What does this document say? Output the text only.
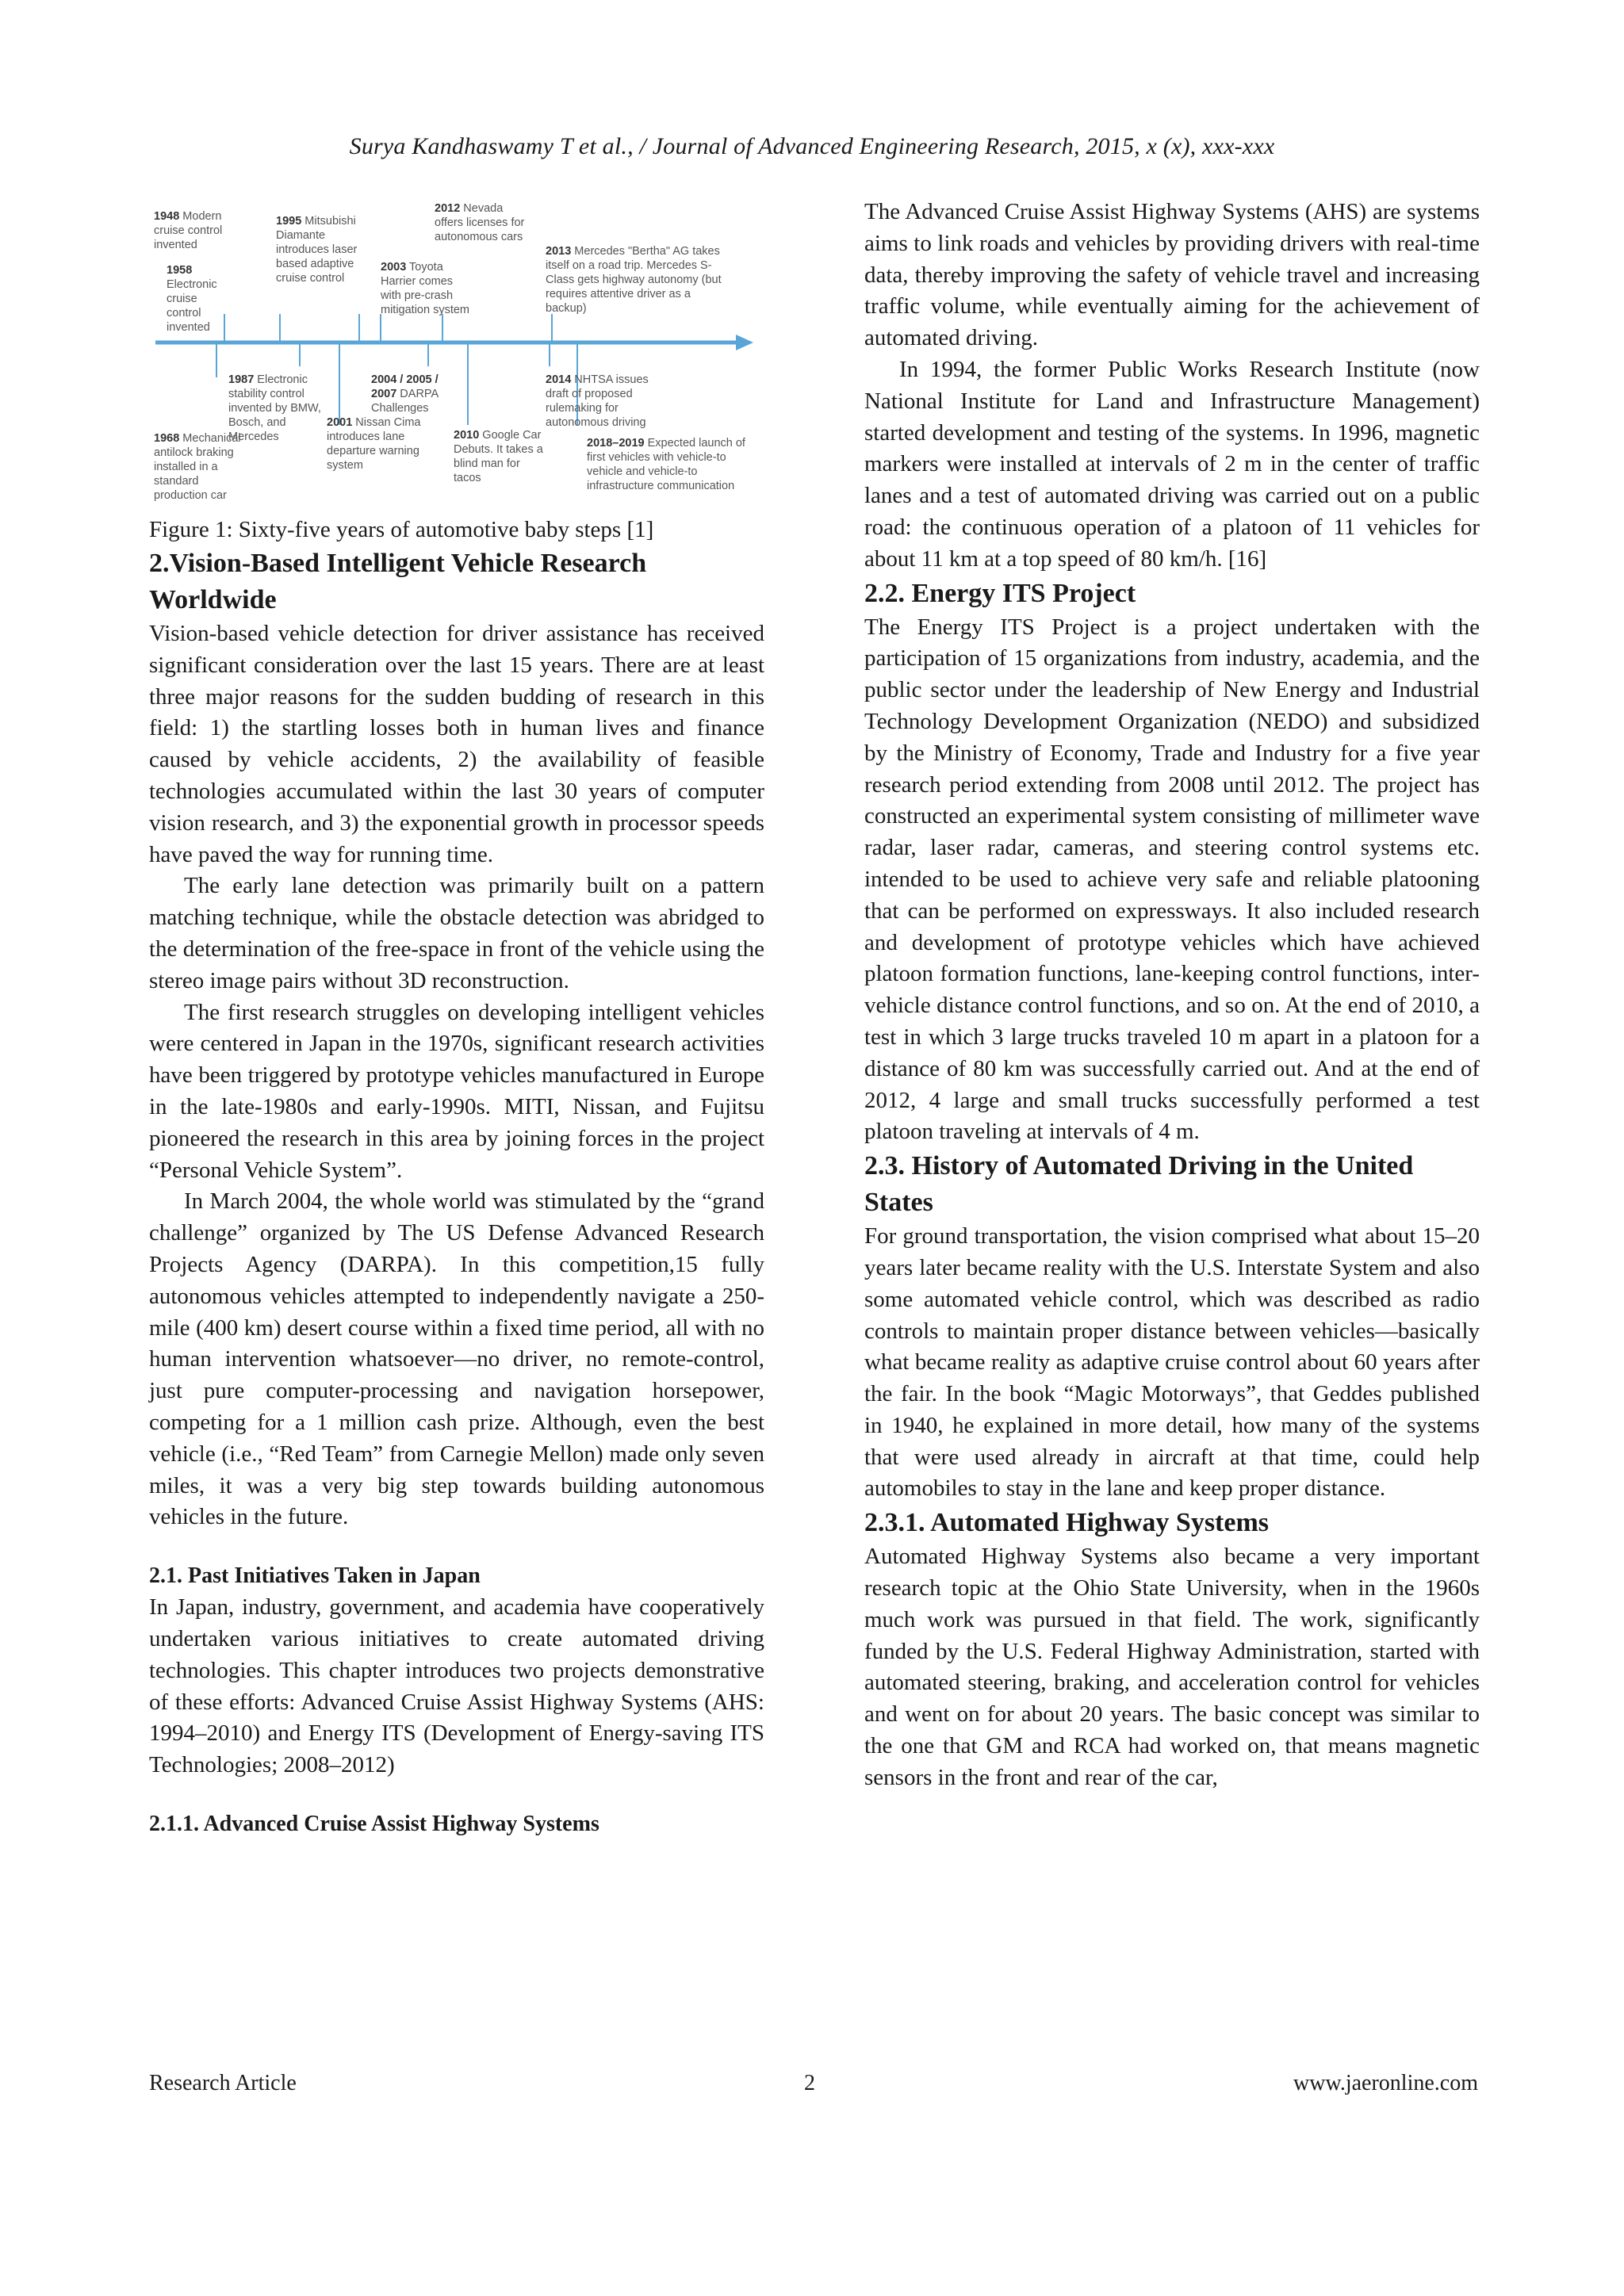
Surya Kandhaswamy T et al., / Journal of Advanced Engineering Research, 2015, x (x), xxx-xxx
1948 Modern cruise control invented
1958 Electronic cruise control invented
1995 Mitsubishi Diamante introduces laser based adaptive cruise control
2003 Toyota Harrier comes with pre-crash mitigation system
2012 Nevada offers licenses for autonomous cars
2013 Mercedes "Bertha" AG takes itself on a road trip. Mercedes S-Class gets highway autonomy (but requires attentive driver as a backup)
1968 Mechanical antilock braking installed in a standard production car
1987 Electronic stability control invented by BMW, Bosch, and Mercedes
2001 Nissan Cima introduces lane departure warning system
2004 / 2005 / 2007 DARPA Challenges
2010 Google Car Debuts. It takes a blind man for tacos
2014 NHTSA issues draft of proposed rulemaking for autonomous driving
2018–2019 Expected launch of first vehicles with vehicle-to vehicle and vehicle-to infrastructure communication
Figure 1: Sixty-five years of automotive baby steps [1]
2.Vision-Based Intelligent Vehicle Research Worldwide

Vision-based vehicle detection for driver assistance has received significant consideration over the last 15 years. There are at least three major reasons for the sudden budding of research in this field: 1) the startling losses both in human lives and finance caused by vehicle accidents, 2) the availability of feasible technologies accumulated within the last 30 years of computer vision research, and 3) the exponential growth in processor speeds have paved the way for running time.

The early lane detection was primarily built on a pattern matching technique, while the obstacle detection was abridged to the determination of the free-space in front of the vehicle using the stereo image pairs without 3D reconstruction.

The first research struggles on developing intelligent vehicles were centered in Japan in the 1970s, significant research activities have been triggered by prototype vehicles manufactured in Europe in the late-1980s and early-1990s. MITI, Nissan, and Fujitsu pioneered the research in this area by joining forces in the project “Personal Vehicle System”.

In March 2004, the whole world was stimulated by the “grand challenge” organized by The US Defense Advanced Research Projects Agency (DARPA). In this competition,15 fully autonomous vehicles attempted to independently navigate a 250-mile (400 km) desert course within a fixed time period, all with no human intervention whatsoever—no driver, no remote-control, just pure computer-processing and navigation horsepower, competing for a 1 million cash prize. Although, even the best vehicle (i.e., “Red Team” from Carnegie Mellon) made only seven miles, it was a very big step towards building autonomous vehicles in the future.

2.1. Past Initiatives Taken in Japan

In Japan, industry, government, and academia have cooperatively undertaken various initiatives to create automated driving technologies. This chapter introduces two projects demonstrative of these efforts: Advanced Cruise Assist Highway Systems (AHS: 1994–2010) and Energy ITS (Development of Energy-saving ITS Technologies; 2008–2012)

2.1.1. Advanced Cruise Assist Highway Systems

The Advanced Cruise Assist Highway Systems (AHS) are systems aims to link roads and vehicles by providing drivers with real-time data, thereby improving the safety of vehicle travel and increasing traffic volume, while eventually aiming for the achievement of automated driving.

In 1994, the former Public Works Research Institute (now National Institute for Land and Infrastructure Management) started development and testing of the systems. In 1996, magnetic markers were installed at intervals of 2 m in the center of traffic lanes and a test of automated driving was carried out on a public road: the continuous operation of a platoon of 11 vehicles for about 11 km at a top speed of 80 km/h. [16]

2.2. Energy ITS Project

The Energy ITS Project is a project undertaken with the participation of 15 organizations from industry, academia, and the public sector under the leadership of New Energy and Industrial Technology Development Organization (NEDO) and subsidized by the Ministry of Economy, Trade and Industry for a five year research period extending from 2008 until 2012. The project has constructed an experimental system consisting of millimeter wave radar, laser radar, cameras, and steering control systems etc. intended to be used to achieve very safe and reliable platooning that can be performed on expressways. It also included research and development of prototype vehicles which have achieved platoon formation functions, lane-keeping control functions, inter-vehicle distance control functions, and so on. At the end of 2010, a test in which 3 large trucks traveled 10 m apart in a platoon for a distance of 80 km was successfully carried out. And at the end of 2012, 4 large and small trucks successfully performed a test platoon traveling at intervals of 4 m.

2.3. History of Automated Driving in the United States

For ground transportation, the vision comprised what about 15–20 years later became reality with the U.S. Interstate System and also some automated vehicle control, which was described as radio controls to maintain proper distance between vehicles—basically what became reality as adaptive cruise control about 60 years after the fair. In the book “Magic Motorways”, that Geddes published in 1940, he explained in more detail, how many of the systems that were used already in aircraft at that time, could help automobiles to stay in the lane and keep proper distance.

2.3.1. Automated Highway Systems

Automated Highway Systems also became a very important research topic at the Ohio State University, when in the 1960s much work was pursued in that field. The work, significantly funded by the U.S. Federal Highway Administration, started with automated steering, braking, and acceleration control for vehicles and went on for about 20 years. The basic concept was similar to the one that GM and RCA had worked on, that means magnetic sensors in the front and rear of the car,

Research Article	2	www.jaeronline.com
